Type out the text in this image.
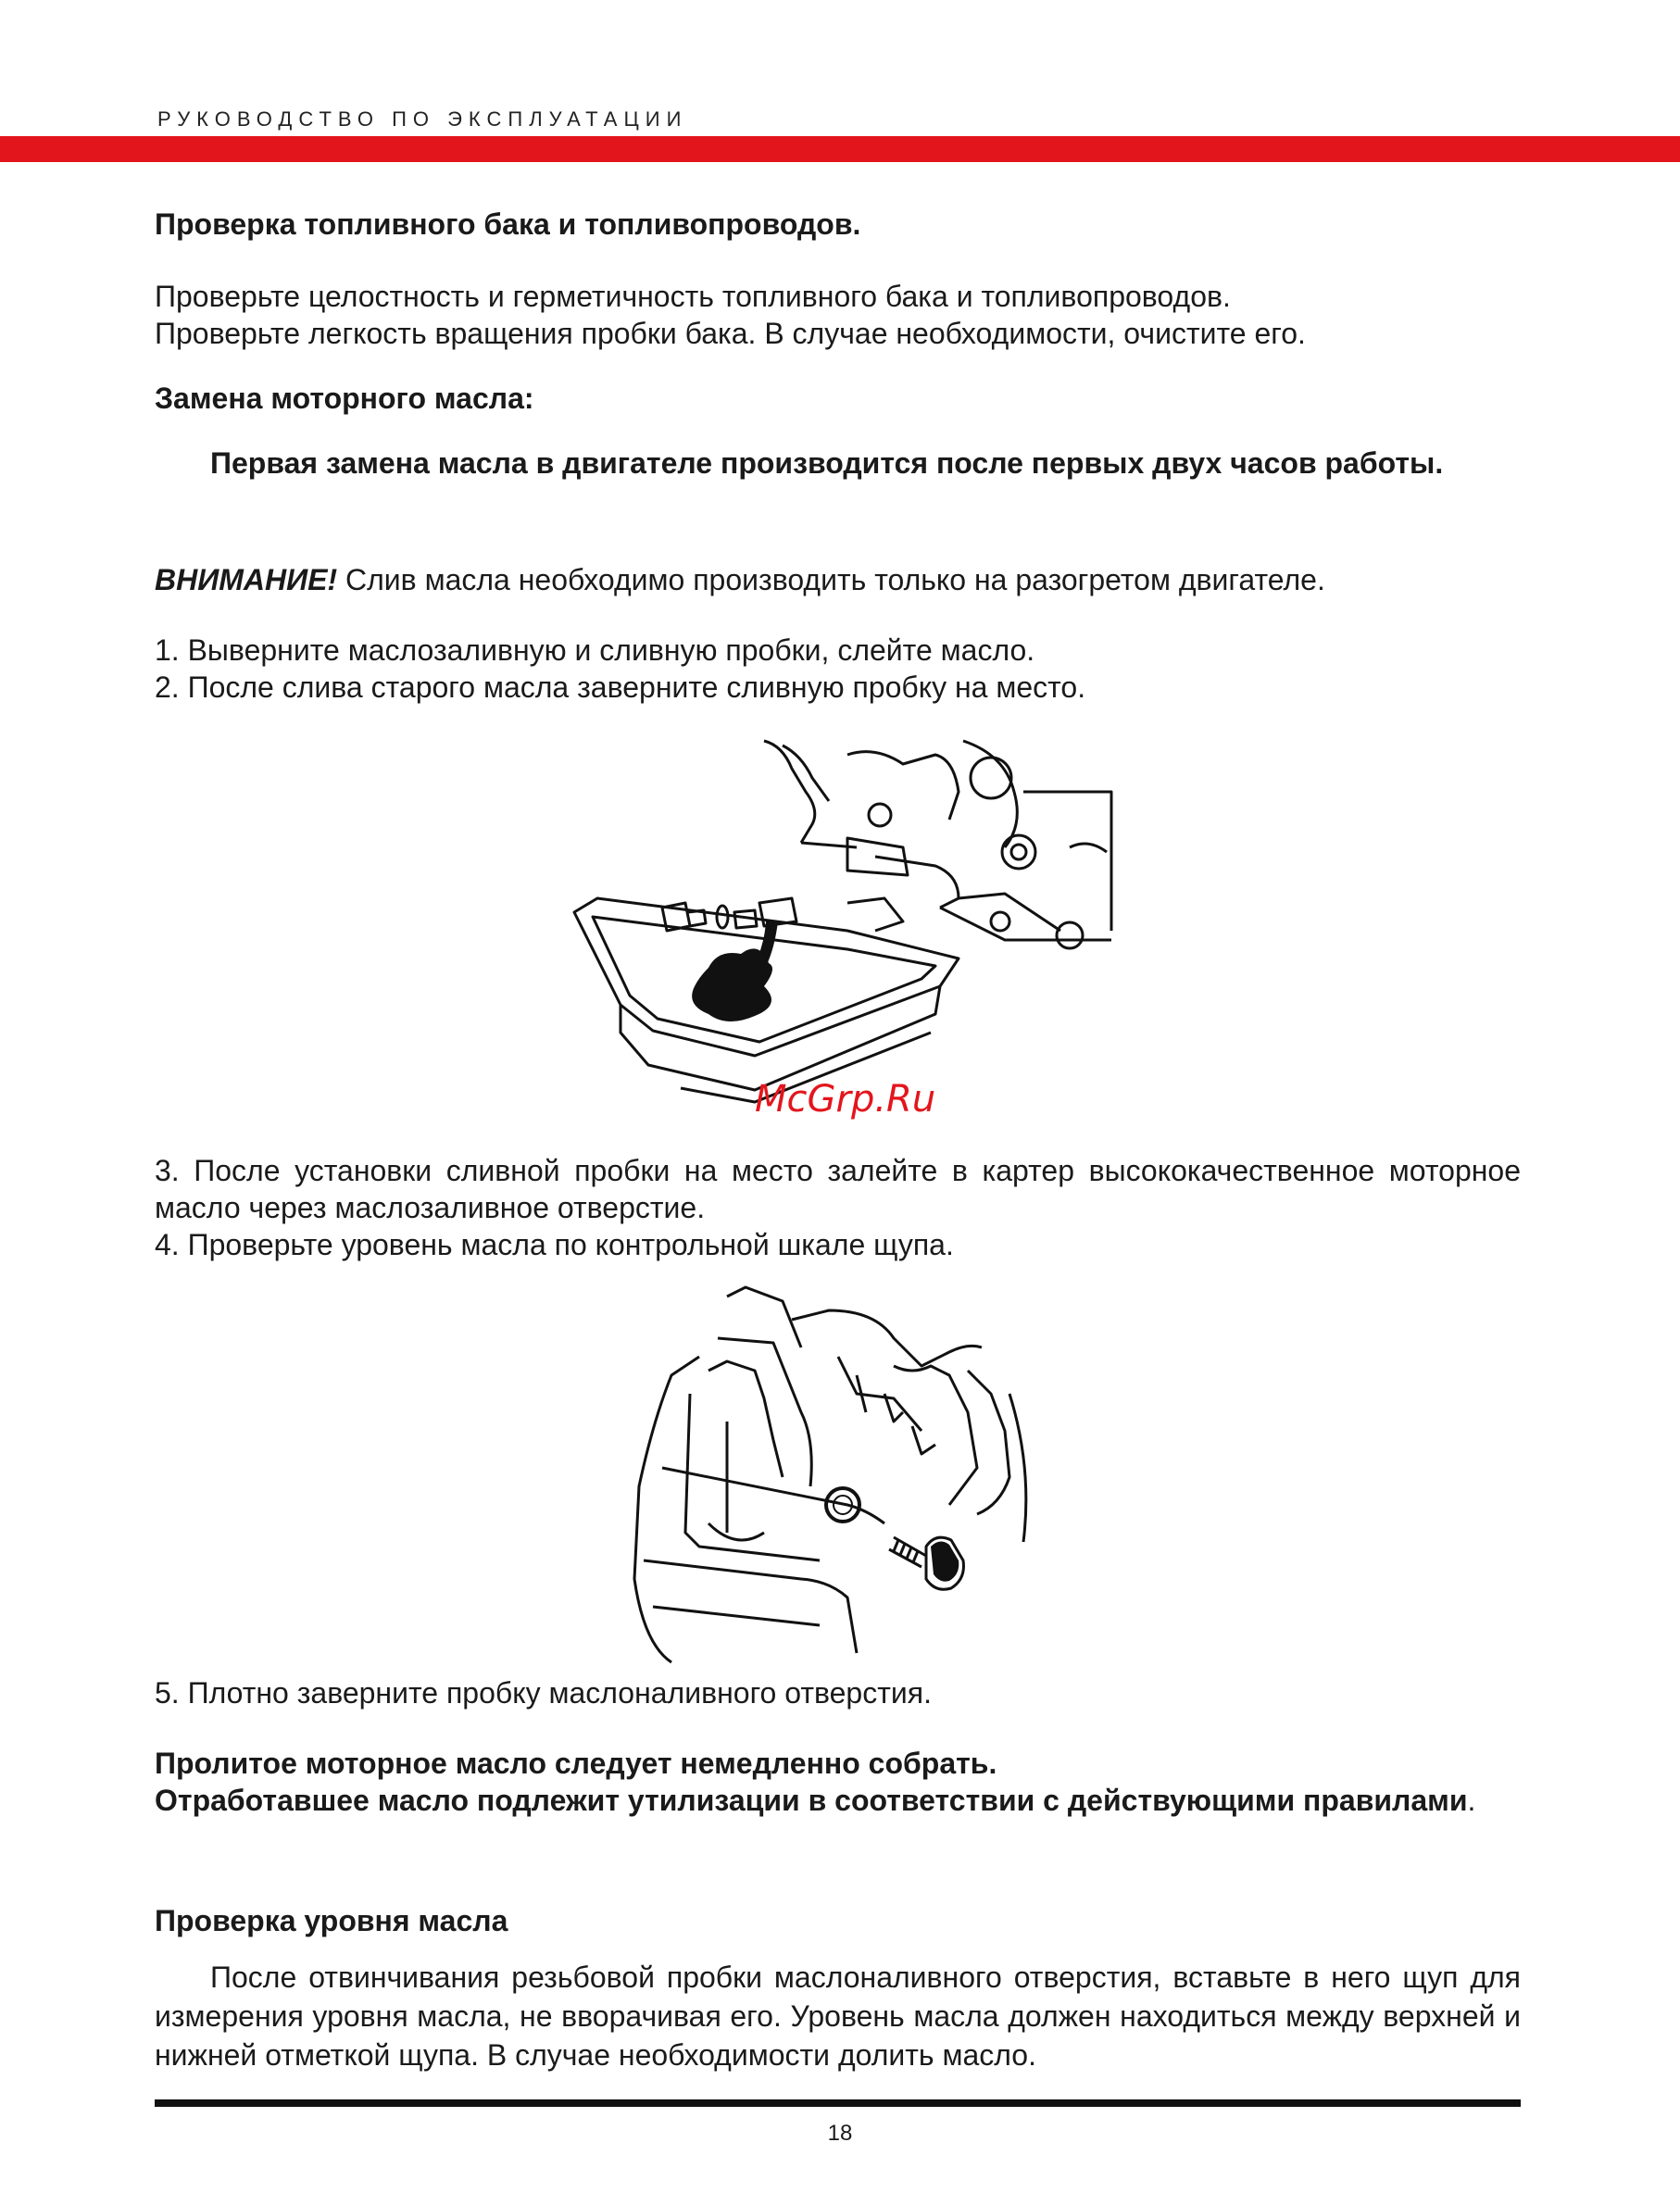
РУКОВОДСТВО ПО ЭКСПЛУАТАЦИИ

Проверка топливного бака и топливопроводов.

Проверьте целостность и герметичность топливного бака и топливопроводов.

Проверьте легкость вращения пробки бака. В случае необходимости, очистите его.

Замена моторного масла:

Первая замена масла в двигателе производится после первых двух часов работы.

ВНИМАНИЕ! Слив масла необходимо производить только на разогретом двигателе.

1. Выверните маслозаливную и сливную пробки, слейте масло.

2. После слива старого масла заверните сливную пробку на место.

McGrp.Ru

3. После установки сливной пробки на место залейте в картер высококачественное моторное масло через маслозаливное отверстие.

4. Проверьте уровень масла по контрольной шкале щупа.

5. Плотно заверните пробку маслоналивного отверстия.

Пролитое моторное масло следует немедленно собрать.

Отработавшее масло подлежит утилизации в соответствии с действующими правилами.

Проверка уровня масла

После отвинчивания резьбовой пробки маслоналивного отверстия, вставьте в него щуп для измерения уровня масла, не вворачивая его. Уровень масла должен находиться между верхней и нижней отметкой щупа. В случае необходимости долить масло.

18
